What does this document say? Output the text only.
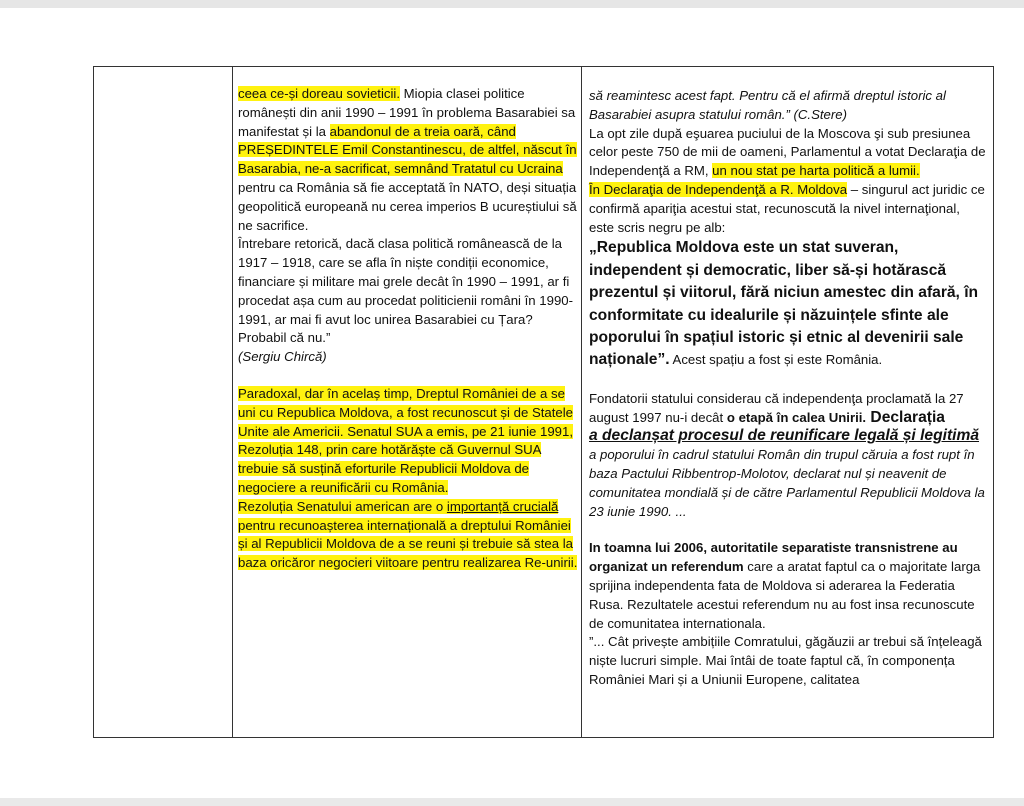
ceea ce-și doreau sovieticii. Miopia clasei politice românești din anii 1990 – 1991 în problema Basarabiei sa manifestat și la abandonul de a treia oară, când PREȘEDINTELE Emil Constantinescu, de altfel, născut în Basarabia, ne-a sacrificat, semnând Tratatul cu Ucraina pentru ca România să fie acceptată în NATO, deși situația geopolitică europeană nu cerea imperios B ucureștiului să ne sacrifice.

Întrebare retorică, dacă clasa politică românească de la 1917 – 1918, care se afla în niște condiții economice, financiare și militare mai grele decât în 1990 – 1991, ar fi procedat așa cum au procedat politicienii români în 1990-1991, ar mai fi avut loc unirea Basarabiei cu Țara? Probabil că nu.”

(Sergiu Chircă)

Paradoxal, dar în acelaș timp, Dreptul României de a se uni cu Republica Moldova, a fost recunoscut și de Statele Unite ale Americii. Senatul SUA a emis, pe 21 iunie 1991, Rezoluția 148, prin care hotărăște că Guvernul SUA trebuie să susțină eforturile Republicii Moldova de negociere a reunificării cu România.

Rezoluția Senatului american are o importanță crucială pentru recunoașterea internațională a dreptului României și al Republicii Moldova de a se reuni și trebuie să stea la baza oricăror negocieri viitoare pentru realizarea Re-unirii.

să reamintesc acest fapt. Pentru că el afirmă dreptul istoric al Basarabiei asupra statului român.” (C.Stere)

La opt zile după eşuarea puciului de la Moscova şi sub presiunea celor peste 750 de mii de oameni, Parlamentul a votat Declaraţia de Independenţă a RM, un nou stat pe harta politică a lumii.

În Declaraţia de Independenţă a R. Moldova – singurul act juridic ce confirmă apariţia acestui stat, recunoscută la nivel internaţional, este scris negru pe alb:

„Republica Moldova este un stat suveran, independent și democratic, liber să-și hotărască prezentul și viitorul, fără niciun amestec din afară, în conformitate cu idealurile și năzuințele sfinte ale poporului în spațiul istoric și etnic al devenirii sale naționale”. Acest spațiu a fost și este România.

Fondatorii statului considerau că independenţa proclamată la 27 august 1997 nu-i decât o etapă în calea Unirii. Declarația
a declanșat procesul de reunificare legală și legitimă
a poporului în cadrul statului Român din trupul căruia a fost rupt în baza Pactului Ribbentrop-Molotov, declarat nul și neavenit de comunitatea mondială și de către Parlamentul Republicii Moldova la 23 iunie 1990. ...

In toamna lui 2006, autoritatile separatiste transnistrene au organizat un referendum care a aratat faptul ca o majoritate larga sprijina independenta fata de Moldova si aderarea la Federatia Rusa. Rezultatele acestui referendum nu au fost insa recunoscute de comunitatea internationala.

”... Cât privește ambițiile Comratului, găgăuzii ar trebui să înțeleagă niște lucruri simple. Mai întâi de toate faptul că, în componența României Mari și a Uniunii Europene, calitatea
